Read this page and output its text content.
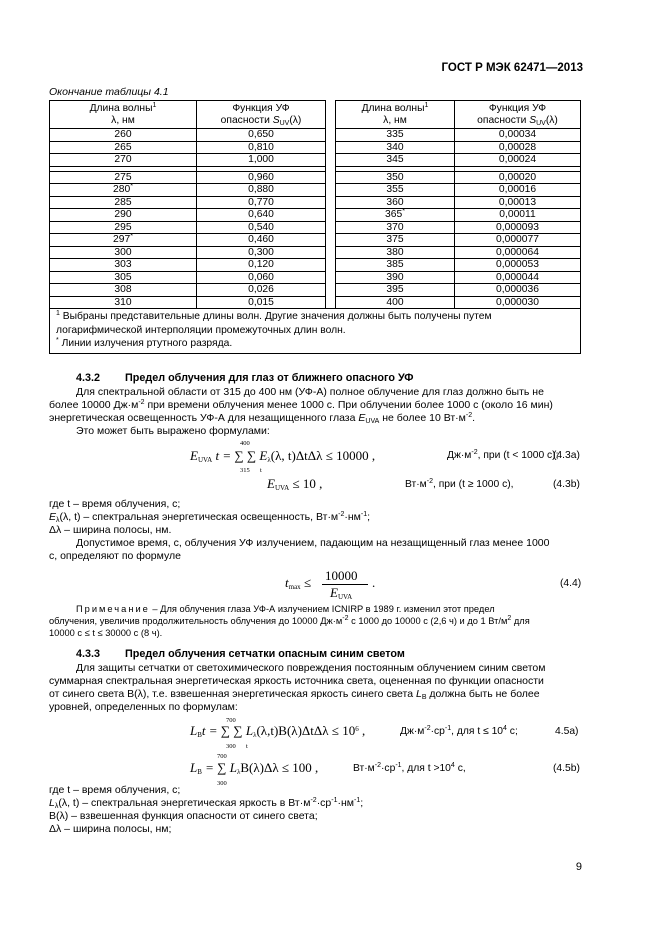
ГОСТ Р МЭК 62471—2013
Окончание таблицы 4.1
Длина волны$^1$
λ, нм	Функция УФ
опасности $S_{UV}(\lambda)$		Длина волны$^1$
λ, нм	Функция УФ
опасности $S_{UV}(\lambda)$
260	0,650		335	0,00034
265	0,810		340	0,00028
270	1,000		345	0,00024

275	0,960		350	0,00020
280*	0,880		355	0,00016
285	0,770		360	0,00013
290	0,640		365*	0,00011
295	0,540		370	0,000093
297*	0,460		375	0,000077
300	0,300		380	0,000064
303	0,120		385	0,000053
305	0,060		390	0,000044
308	0,026		395	0,000036
310	0,015		400	0,000030
$^1$ Выбраны представительные длины волн. Другие значения должны быть получены путем логарифмической интерполяции промежуточных длин волн.
* Линии излучения ртутного разряда.				
4.3.2 Предел облучения для глаз от ближнего опасного УФ
Для спектральной области от 315 до 400 нм (УФ-А) полное облучение для глаз должно быть не
более 10000 $Дж\cdot м^{-2}$ при времени облучения менее 1000 с. При облучении более 1000 с (около 16 мин)
энергетическая освещенность УФ-А для незащищенного глаза $E_{UVA}$ не более 10 $Вт\cdot м^{-2}$.
Это может быть выражено формулами:
400
315 t
$E_{UVA}$ t = ∑ ∑ $E_\lambda(\lambda$, t)ΔtΔλ ≤ 10000 ,	$Дж\cdot м^{-2}$, при (t < 1000 с);
(4.3а)
$E_{UVA} \le 10$ ,	$Вт\cdot м^{-2}$, при (t ≥ 1000 с),	(4.3b)
где t – время облучения, с;
$E_\lambda(\lambda$, t) – спектральная энергетическая освещенность, $Вт\cdot м^{-2}\cdot нм^{-1}$;
Δλ – ширина полосы, нм.
Допустимое время, с, облучения УФ излучением, падающим на незащищенный глаз менее 1000
с, определяют по формуле
10000
$E_{UVA}$
$t_{max}$ ≤	.	(4.4)
Примечание – Для облучения глаза УФ-А излучением ICNIRP в 1989 г. изменил этот предел
облучения, увеличив продолжительность облучения до 10000 $Дж\cdot м^{-2}$ с 1000 до 10000 с (2,6 ч) и до 1 $Вт/м^2$ для
10000 с ≤ t ≤ 30000 с (8 ч).
4.3.3 Предел облучения сетчатки опасным синим светом
Для защиты сетчатки от светохимического повреждения постоянным облучением синим светом
суммарная спектральная энергетическая яркость источника света, оцененная по функции опасности
от синего света B(λ), т.е. взвешенная энергетическая яркость синего света $L_B$ должна быть не более
уровней, определенных по формулам:
700
300 t
$L_Bt$ = ∑ ∑ $L_\lambda(\lambda,t)B(\lambda)\Delta t\Delta\lambda \le 10^6$ ,	$Дж\cdot м^{-2}\cdot ср^{-1}$, для $t \le 10^4$ с;	4.5а)
700
300
$L_B$ = ∑ $L_\lambda B(\lambda)\Delta\lambda \le 100$ ,	$Вт\cdot м^{-2}\cdot ср^{-1}$, для $t >10^4$ с,	(4.5b)
где t – время облучения, с;
$L_\lambda(\lambda$, t) – спектральная энергетическая яркость в $Вт\cdot м^{-2}\cdot ср^{-1}\cdot нм^{-1}$;
B(λ) – взвешенная функция опасности от синего света;
Δλ – ширина полосы, нм;
9
